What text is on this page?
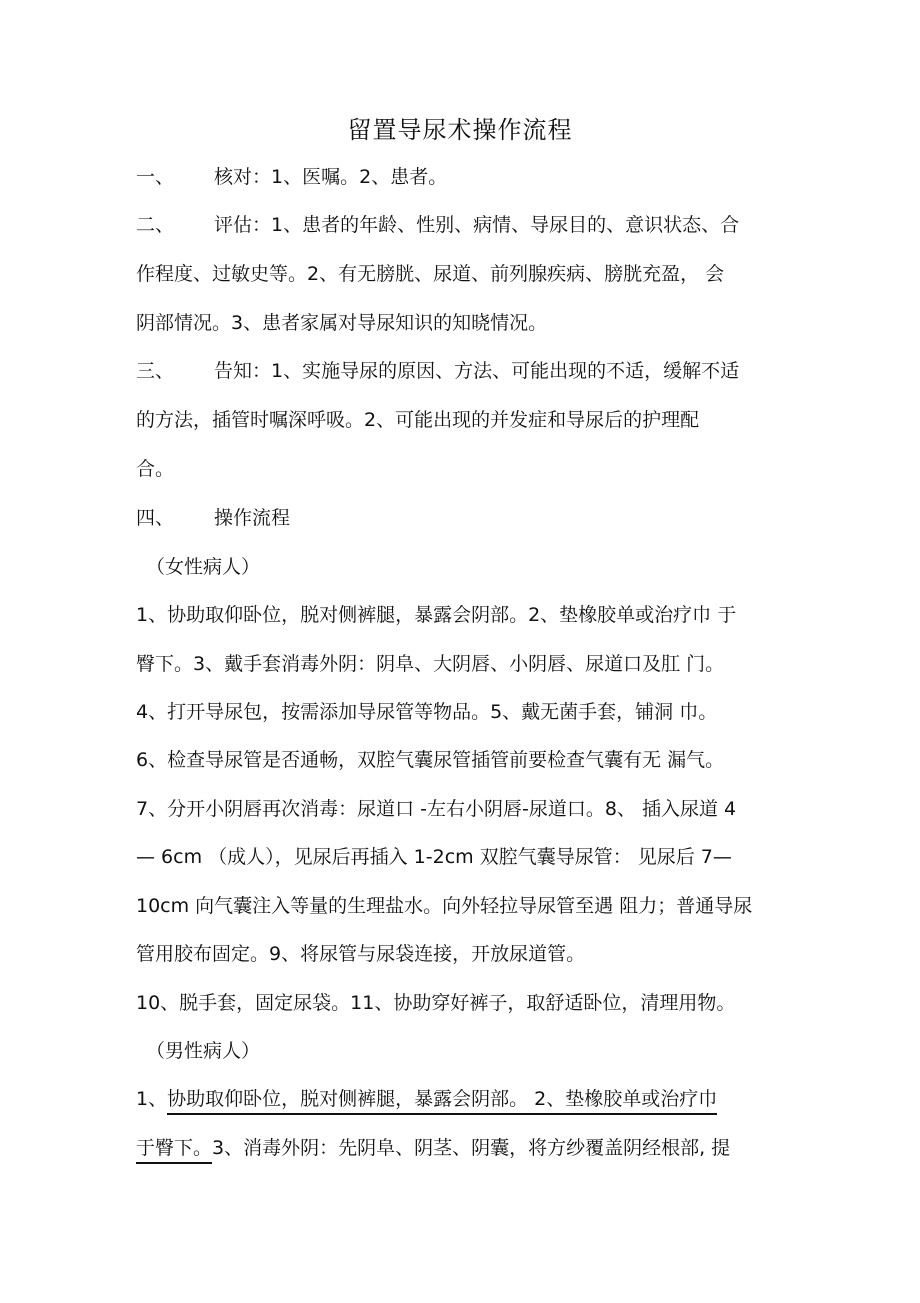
留置导尿术操作流程
一、 核对：1、医嘱。2、患者。
二、 评估：1、患者的年龄、性别、病情、导尿目的、意识状态、合
作程度、过敏史等。2、有无膀胱、尿道、前列腺疾病、膀胱充盈， 会
阴部情况。3、患者家属对导尿知识的知晓情况。
三、 告知：1、实施导尿的原因、方法、可能出现的不适，缓解不适
的方法，插管时嘱深呼吸。2、可能出现的并发症和导尿后的护理配
合。
四、 操作流程
（女性病人）
1、协助取仰卧位，脱对侧裤腿，暴露会阴部。2、垫橡胶单或治疗巾 于
臀下。3、戴手套消毒外阴：阴阜、大阴唇、小阴唇、尿道口及肛 门。
4、打开导尿包，按需添加导尿管等物品。5、戴无菌手套，铺洞 巾。
6、检查导尿管是否通畅，双腔气囊尿管插管前要检查气囊有无 漏气。
7、分开小阴唇再次消毒：尿道口 -左右小阴唇-尿道口。8、 插入尿道 4
— 6cm （成人），见尿后再插入 1-2cm 双腔气囊导尿管： 见尿后 7—
10cm 向气囊注入等量的生理盐水。向外轻拉导尿管至遇 阻力；普通导尿
管用胶布固定。9、将尿管与尿袋连接，开放尿道管。
10、脱手套，固定尿袋。11、协助穿好裤子，取舒适卧位，清理用物。
（男性病人）
1、协助取仰卧位，脱对侧裤腿，暴露会阴部。 2、垫橡胶单或治疗巾
于臀下。3、消毒外阴：先阴阜、阴茎、阴囊，将方纱覆盖阴经根部, 提
